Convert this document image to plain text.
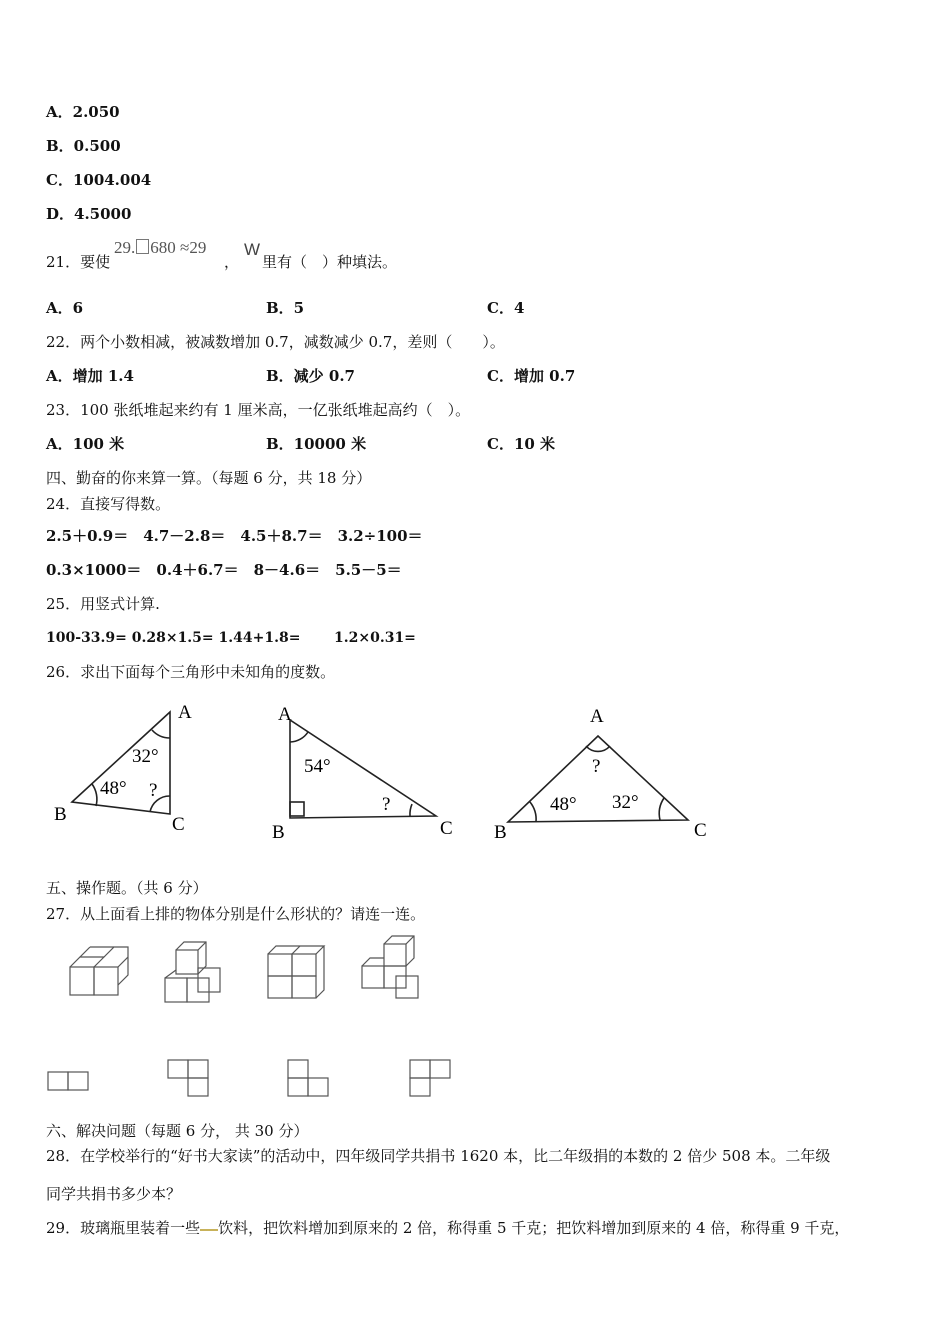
A．2.050
B．0.500
C．1004.004
D．4.5000
21．要使
29. 680 ≈29
，
W
里有（　）种填法。
A．6	B．5	C．4
22．两个小数相减，被减数增加 0.7，减数减少 0.7，差则（　　）。
A．增加 1.4	B．减少 0.7	C．增加 0.7
23．100 张纸堆起来约有 1 厘米高，一亿张纸堆起高约（　）。
A．100 米	B．10000 米	C．10 米
四、勤奋的你来算一算。（每题 6 分，共 18 分）
24．直接写得数。
2.5＋0.9＝　4.7－2.8＝　4.5＋8.7＝　3.2÷100＝
0.3×1000＝　0.4＋6.7＝　8－4.6＝　5.5－5＝
25．用竖式计算.
100-33.9= 0.28×1.5= 1.44+1.8= 1.2×0.31=
26．求出下面每个三角形中未知角的度数。
A
B	C
32°
48° ?
A
B	C
54°
?
A
B	C
?
48° 32°
五、操作题。（共 6 分）
27．从上面看上排的物体分别是什么形状的？请连一连。
六、解决问题（每题 6 分， 共 30 分）
28．在学校举行的“好书大家读”的活动中，四年级同学共捐书 1620 本，比二年级捐的本数的 2 倍少 508 本。二年级
同学共捐书多少本？
29．玻璃瓶里装着一些 饮料，把饮料增加到原来的 2 倍，称得重 5 千克；把饮料增加到原来的 4 倍，称得重 9 千克，
